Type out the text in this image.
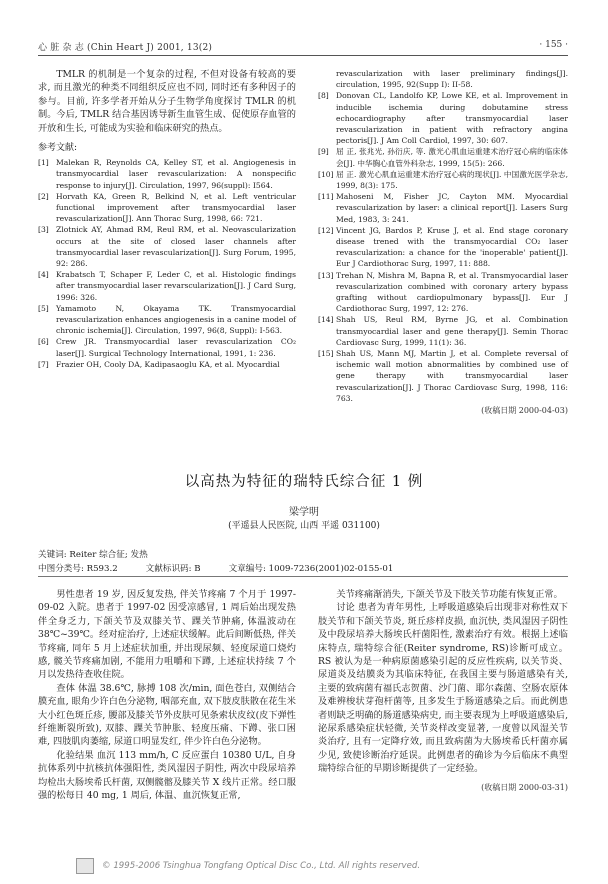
心 脏 杂 志 (Chin Heart J) 2001, 13(2)	· 155 ·

TMLR 的机制是一个复杂的过程, 不但对设备有较高的要求, 而且激光的种类不同组织反应也不同, 同时还有多种因子的参与。目前, 许多学者开始从分子生物学角度探讨 TMLR 的机制。今后, TMLR 结合基因诱导新生血管生成、促使原存血管的开放和生长, 可能成为实验和临床研究的热点。

参考文献:
[1] Malekan R, Reynolds CA, Kelley ST, et al. Angiogenesis in transmyocardial laser revascularization: A nonspecific response to injury[J]. Circulation, 1997, 96(suppl): I564.
[2] Horvath KA, Green R, Belkind N, et al. Left ventricular functional improvement after transmyocardial laser revascularization[J]. Ann Thorac Surg, 1998, 66: 721.
[3] Zlotnick AY, Ahmad RM, Reul RM, et al. Neovascularization occurs at the site of closed laser channels after transmyocardial laser revascularization[J]. Surg Forum, 1995, 92: 286.
[4] Krabatsch T, Schaper F, Leder C, et al. Histologic findings after transmyocardial laser revarscularization[J]. J Card Surg, 1996: 326.
[5] Yamamoto N, Okayama TK. Transmyocardial revascularization enhances angiogenesis in a canine model of chronic ischemia[J]. Circulation, 1997, 96(8, Suppl): I-563.
[6] Crew JR. Transmyocardial laser revascularization CO₂ laser[J]. Surgical Technology International, 1991, 1: 236.
[7] Frazier OH, Cooly DA, Kadipasaoglu KA, et al. Myocardial
revascularization with laser preliminary findings[J]. circulation, 1995, 92(Supp I): II-58.
[8] Donovan CL, Landolfo KP, Lowe KE, et al. Improvement in inducible ischemia during dobutamine stress echocardiography after transmyocardial laser revascularization in patient with refractory angina pectoris[J]. J Am Coll Cardiol, 1997, 30: 607.
[9] 屈 正, 张兆光, 孙衍庆, 等. 激光心肌血运重建术治疗冠心病的临床体会[J]. 中华胸心血管外科杂志, 1999, 15(5): 266.
[10] 屈 正. 激光心肌血运重建术治疗冠心病的现状[J]. 中国激光医学杂志, 1999, 8(3): 175.
[11] Mahoseni M, Fisher JC, Cayton MM. Myocardial revascularization by laser: a clinical report[J]. Lasers Surg Med, 1983, 3: 241.
[12] Vincent JG, Bardos P, Kruse J, et al. End stage coronary disease trened with the transmyocardial CO₂ laser revascularization: a chance for the 'inoperable' patient[J]. Eur J Cardiothorac Surg, 1997, 11: 888.
[13] Trehan N, Mishra M, Bapna R, et al. Transmyocardial laser revascularization combined with coronary artery bypass grafting without cardiopulmonary bypass[J]. Eur J Cardiothorac Surg, 1997, 12: 276.
[14] Shah US, Reul RM, Byrne JG, et al. Combination transmyocardial laser and gene therapy[J]. Semin Thorac Cardiovasc Surg, 1999, 11(1): 36.
[15] Shah US, Mann MJ, Martin J, et al. Complete reversal of ischemic wall motion abnormalities by combined use of gene therapy with transmyocardial laser revascularization[J]. J Thorac Cardiovasc Surg, 1998, 116: 763.
(收稿日期 2000-04-03)
以高热为特征的瑞特氏综合征 1 例
梁学明
(平遥县人民医院, 山西 平遥 031100)
关键词: Reiter 综合征; 发热
中图分类号: R593.2	文献标识码: B	文章编号: 1009-7236(2001)02-0155-01

男性患者 19 岁, 因反复发热, 伴关节疼痛 7 个月于 1997-09-02 入院。患者于 1997-02 因受凉感冒, 1 周后始出现发热伴全身乏力, 下颌关节及双膝关节、踝关节肿痛, 体温波动在 38℃~39℃。经对症治疗, 上述症状缓解。此后间断低热, 伴关节疼痛, 同年 5 月上述症状加重, 并出现尿频、轻度尿道口烧灼感, 髋关节疼痛加剧, 不能用力咀嚼和下蹲, 上述症状持续 7 个月以发热待查收住院。

查体 体温 38.6℃, 脉搏 108 次/min, 面色苍白, 双侧结合膜充血, 眼角少许白色分泌物, 咽部充血, 双下肢皮肤散在花生米大小红色斑丘疹, 腰部及膝关节外皮肤可见条索状皮纹(皮下弹性纤维断裂所致), 双膝、踝关节肿胀、轻度压痛、下蹲、张口困难, 四肢肌肉萎缩, 尿道口明显发红, 伴少许白色分泌物。

化验结果 血沉 113 mm/h, C 反应蛋白 10380 U/L, 自身抗体系列中抗核抗体强阳性, 类风湿因子阴性, 两次中段尿培养均检出大肠埃希氏杆菌, 双侧髋髂及膝关节 X 线片正常。经口服强的松每日 40 mg, 1 周后, 体温、血沉恢复正常,

关节疼痛渐消失, 下颌关节及下肢关节功能有恢复正常。

讨论 患者为青年男性, 上呼吸道感染后出现非对称性双下肢关节和下颌关节炎, 斑丘疹样皮损, 血沉快, 类风湿因子阴性及中段尿培养大肠埃氏杆菌阳性, 激素治疗有效。根据上述临床特点, 瑞特综合征(Reiter syndrome, RS)诊断可成立。RS 被认为是一种病原菌感染引起的反应性疾病, 以关节炎、尿道炎及结膜炎为其临床特征, 在我国主要与肠道感染有关, 主要的致病菌有福氏志贺菌、沙门菌、耶尔森菌、空肠农原体及难辨梭状芽孢杆菌等, 且多发生于肠道感染之后。而此例患者则缺乏明确的肠道感染病史, 而主要表现为上呼吸道感染后, 泌尿系感染症状轻微, 关节炎样改变显著, 一度曾以风湿关节炎治疗, 且有一定降疗效, 而且致病菌为大肠埃希氏杆菌亦属少见, 致使诊断治疗延误。此例患者的确诊为今后临床不典型瑞特综合征的早期诊断提供了一定经验。

(收稿日期 2000-03-31)
© 1995-2006 Tsinghua Tongfang Optical Disc Co., Ltd. All rights reserved.
